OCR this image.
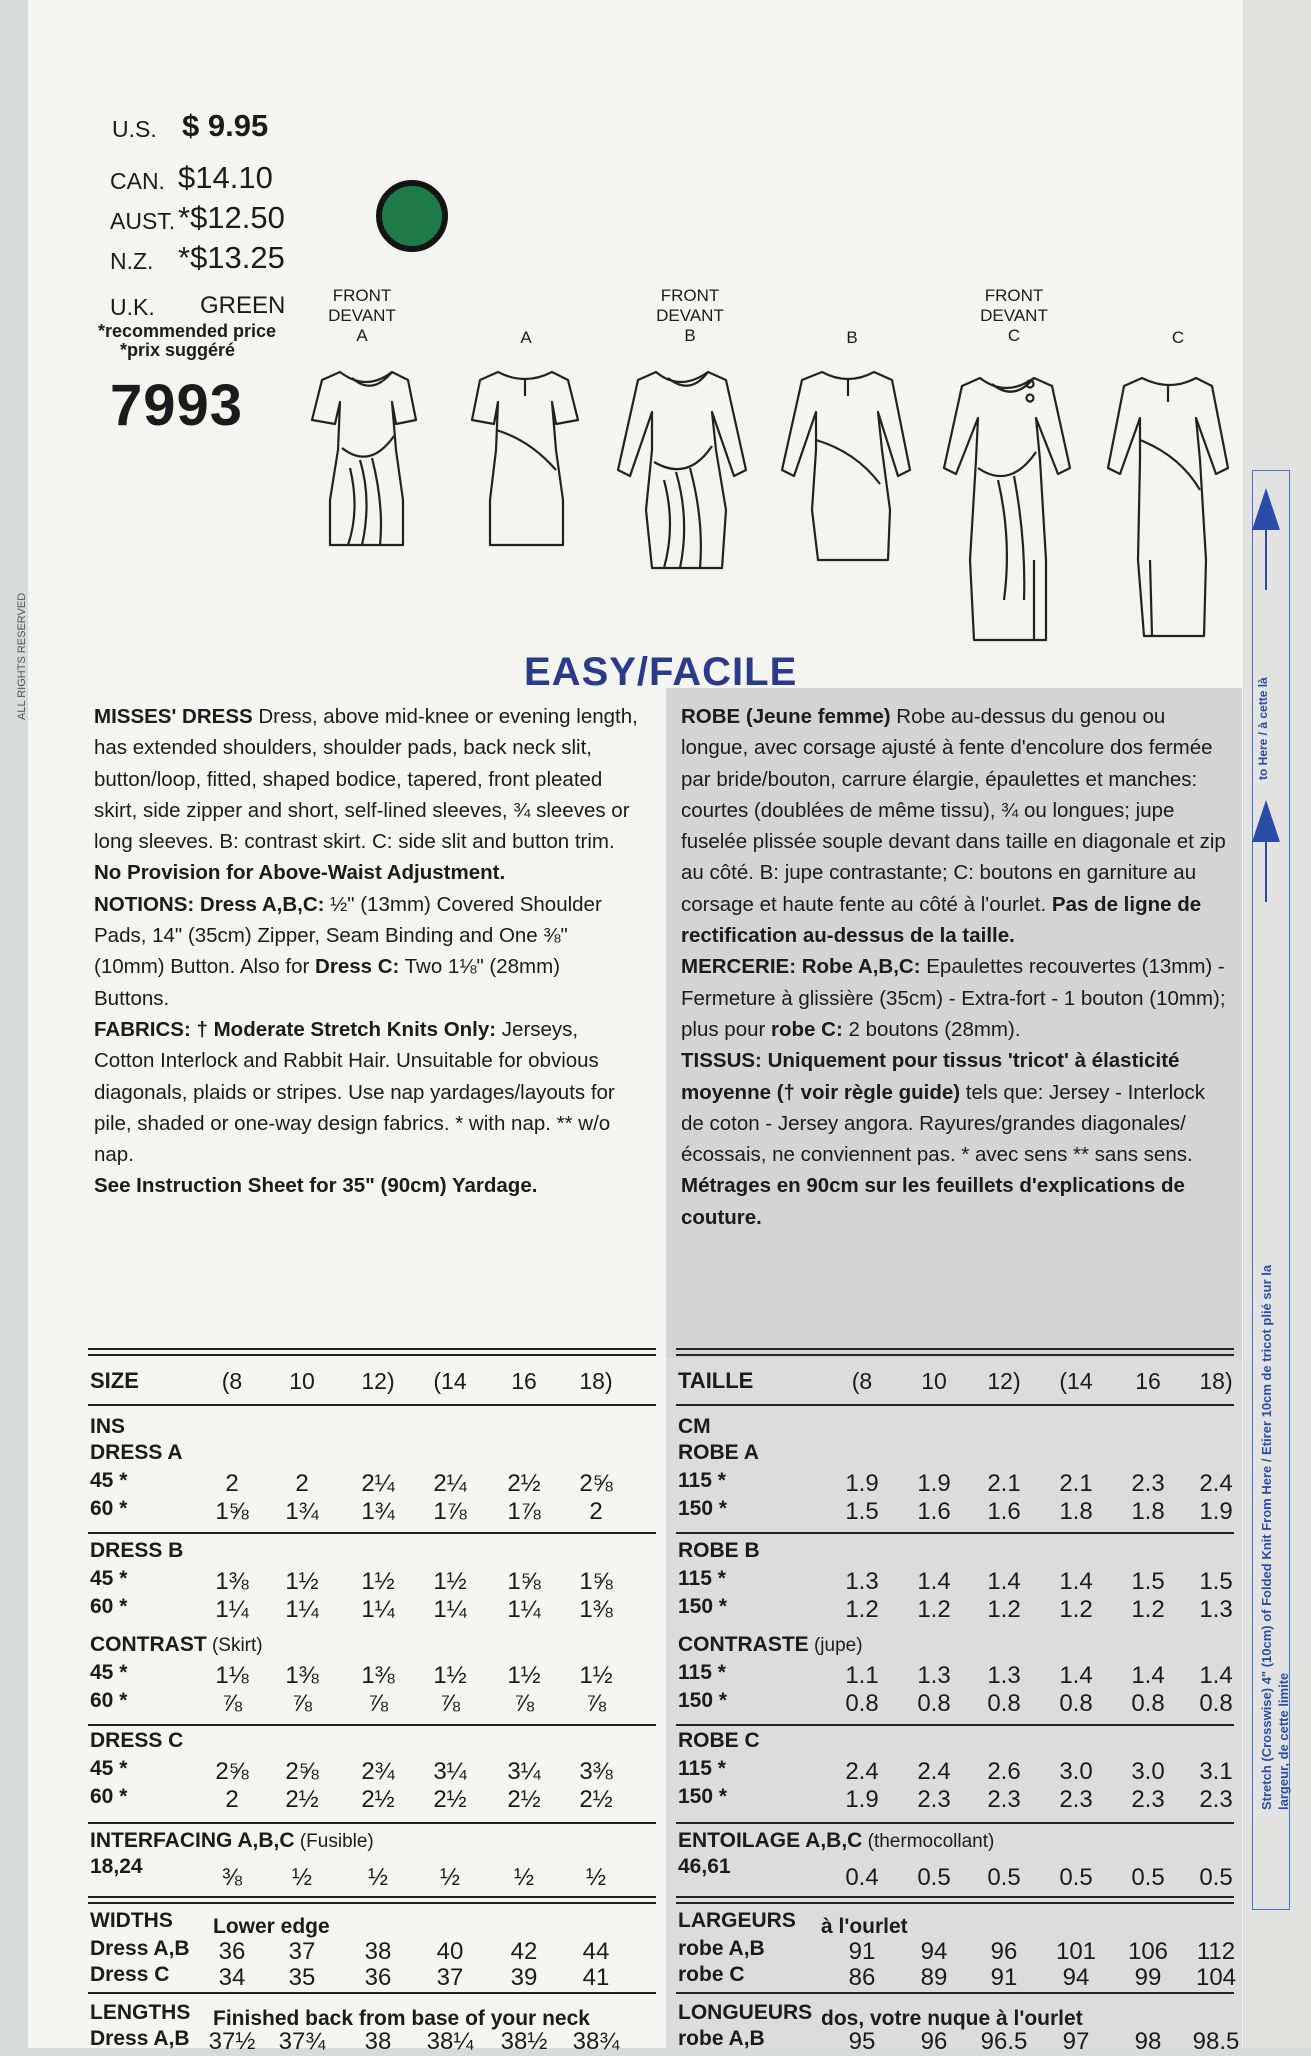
U.S. $ 9.95
CAN. $14.10
AUST. *$12.50
N.Z. *$13.25
U.K. GREEN
*recommended price
*prix suggéré
7993
FRONT
DEVANT
A	A
FRONT
DEVANT
B	B
FRONT
DEVANT
C	C
ALL RIGHTS RESERVED	EASY/FACILE

MISSES' DRESS Dress, above mid-knee or evening length, has extended shoulders, shoulder pads, back neck slit, button/loop, fitted, shaped bodice, tapered, front pleated skirt, side zipper and short, self-lined sleeves, ¾ sleeves or long sleeves. B: contrast skirt. C: side slit and button trim. No Provision for Above-Waist Adjustment.

NOTIONS: Dress A,B,C: ½" (13mm) Covered Shoulder Pads, 14" (35cm) Zipper, Seam Binding and One ⅜" (10mm) Button. Also for Dress C: Two 1⅛" (28mm) Buttons.

FABRICS: † Moderate Stretch Knits Only: Jerseys, Cotton Interlock and Rabbit Hair. Unsuitable for obvious diagonals, plaids or stripes. Use nap yardages/layouts for pile, shaded or one-way design fabrics. * with nap. ** w/o nap.

See Instruction Sheet for 35" (90cm) Yardage.

ROBE (Jeune femme) Robe au-dessus du genou ou longue, avec corsage ajusté à fente d'encolure dos fermée par bride/bouton, carrure élargie, épaulettes et manches: courtes (doublées de même tissu), ¾ ou longues; jupe fuselée plissée souple devant dans taille en diagonale et zip au côté. B: jupe contrastante; C: boutons en garniture au corsage et haute fente au côté à l'ourlet. Pas de ligne de rectification au-dessus de la taille.

MERCERIE: Robe A,B,C: Epaulettes recouvertes (13mm) - Fermeture à glissière (35cm) - Extra-fort - 1 bouton (10mm); plus pour robe C: 2 boutons (28mm).

TISSUS: Uniquement pour tissus 'tricot' à élasticité moyenne († voir règle guide) tels que: Jersey - Interlock de coton - Jersey angora. Rayures/grandes diagonales/écossais, ne conviennent pas. * avec sens ** sans sens.

Métrages en 90cm sur les feuillets d'explications de couture.

SIZE	(8	10	12)	(14	16	18)
INS
DRESS A
45 *	2	2	2¼	2¼	2½	2⅝
60 *	1⅝	1¾	1¾	1⅞	1⅞	2
DRESS B
45 *	1⅜	1½	1½	1½	1⅝	1⅝
60 *	1¼	1¼	1¼	1¼	1¼	1⅜
CONTRAST (Skirt)
45 *	1⅛	1⅜	1⅜	1½	1½	1½
60 *	⅞	⅞	⅞	⅞	⅞	⅞
DRESS C
45 *	2⅝	2⅝	2¾	3¼	3¼	3⅜
60 *	2	2½	2½	2½	2½	2½
INTERFACING A,B,C (Fusible)
18,24	⅜	½	½	½	½	½
WIDTHS Lower edge
Dress A,B	36	37	38	40	42	44
Dress C	34	35	36	37	39	41
LENGTHS Finished back from base of your neck
Dress A,B 37½ 37¾	38	38¼ 38½ 38¾
TAILLE	(8	10	12)	(14	16	18)
CM
ROBE A
115 *	1.9	1.9	2.1	2.1	2.3	2.4
150 *	1.5	1.6	1.6	1.8	1.8	1.9
ROBE B
115 *	1.3	1.4	1.4	1.4	1.5	1.5
150 *	1.2	1.2	1.2	1.2	1.2	1.3
CONTRASTE (jupe)
115 *	1.1	1.3	1.3	1.4	1.4	1.4
150 *	0.8	0.8	0.8	0.8	0.8	0.8
ROBE C
115 *	2.4	2.4	2.6	3.0	3.0	3.1
150 *	1.9	2.3	2.3	2.3	2.3	2.3
ENTOILAGE A,B,C (thermocollant)
46,61	0.4	0.5	0.5	0.5	0.5	0.5
LARGEURS à l'ourlet
robe A,B	91	94	96	101	106	112
robe C	86	89	91	94	99	104
LONGUEURS dos, votre nuque à l'ourlet
robe A,B	95	96	96.5	97	98	98.5
to Here / à cette là
Stretch (Crosswise) 4" (10cm) of Folded Knit From Here / Etirer 10cm de tricot plié sur la largeur, de cette limite
